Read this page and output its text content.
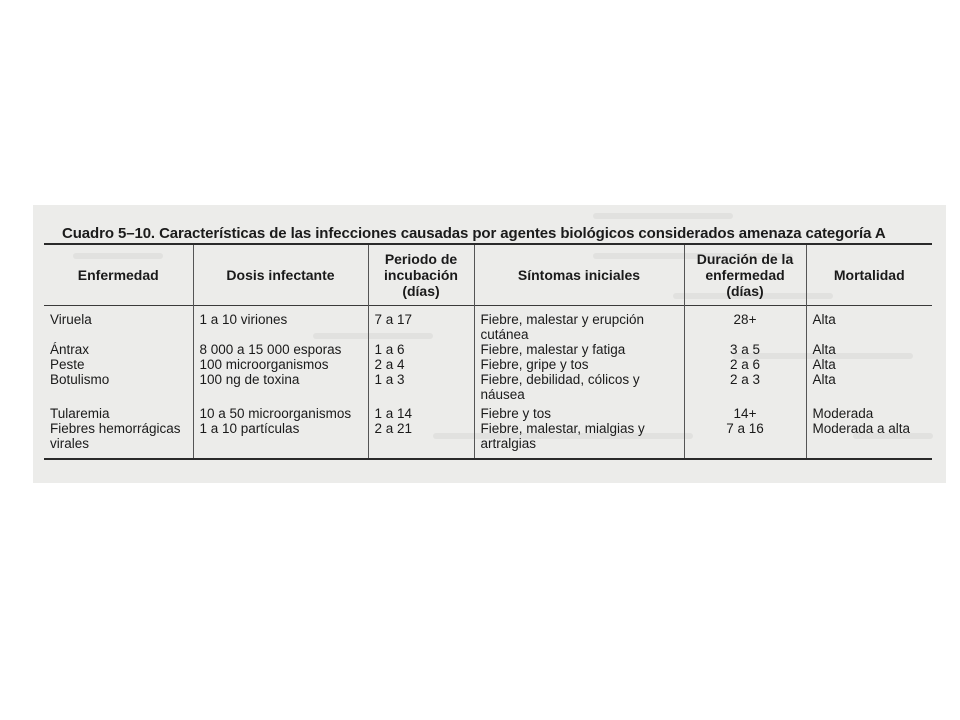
Cuadro 5–10. Características de las infecciones causadas por agentes biológicos considerados amenaza categoría A
Enfermedad	Dosis infectante	Periodo de incubación (días)	Síntomas iniciales	Duración de la enfermedad (días)	Mortalidad
Viruela	1 a 10 viriones	7 a 17	Fiebre, malestar y erupción cutánea	28+	Alta
Ántrax	8 000 a 15 000 esporas	1 a 6	Fiebre, malestar y fatiga	3 a 5	Alta
Peste	100 microorganismos	2 a 4	Fiebre, gripe y tos	2 a 6	Alta
Botulismo	100 ng de toxina	1 a 3	Fiebre, debilidad, cólicos y náusea	2 a 3	Alta
Tularemia	10 a 50 microorganismos	1 a 14	Fiebre y tos	14+	Moderada
Fiebres hemorrágicas virales	1 a 10 partículas	2 a 21	Fiebre, malestar, mialgias y artralgias	7 a 16	Moderada a alta
